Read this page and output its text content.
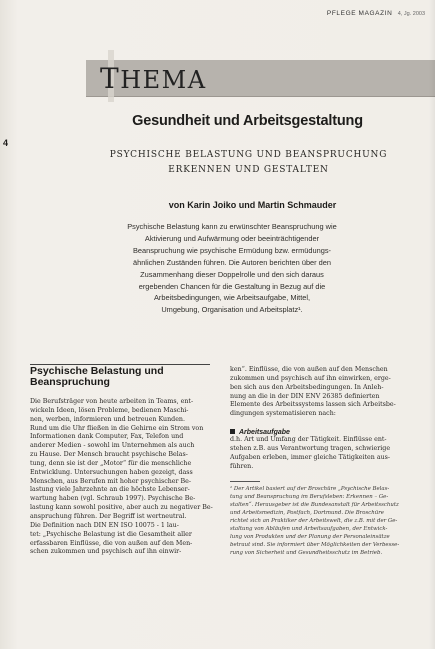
PFLEGE MAGAZIN 4, Jg. 2003
THEMA
4
Gesundheit und Arbeitsgestaltung
PSYCHISCHE BELASTUNG UND BEANSPRUCHUNG
ERKENNEN UND GESTALTEN
von Karin Joiko und Martin Schmauder
Psychische Belastung kann zu erwünschter Beanspruchung wie
Aktivierung und Aufwärmung oder beeinträchtigender
Beanspruchung wie psychische Ermüdung bzw. ermüdungs-
ähnlichen Zuständen führen. Die Autoren berichten über den
Zusammenhang dieser Doppelrolle und den sich daraus
ergebenden Chancen für die Gestaltung in Bezug auf die
Arbeitsbedingungen, wie Arbeitsaufgabe, Mittel,
Umgebung, Organisation und Arbeitsplatz¹.
Psychische Belastung und
Beanspruchung
Die Berufsträger von heute arbeiten in Teams, ent-
wickeln Ideen, lösen Probleme, bedienen Maschi-
nen, werben, informieren und betreuen Kunden.
Rund um die Uhr fließen in die Gehirne ein Strom von
Informationen dank Computer, Fax, Telefon und
anderer Medien - sowohl im Unternehmen als auch
zu Hause. Der Mensch braucht psychische Belas-
tung, denn sie ist der „Motor“ für die menschliche
Entwicklung. Untersuchungen haben gezeigt, dass
Menschen, aus Berufen mit hoher psychischer Be-
lastung viele Jahrzehnte an die höchste Lebenser-
wartung haben (vgl. Schraub 1997). Psychische Be-
lastung kann sowohl positive, aber auch zu negativer Be-
anspruchung führen. Der Begriff ist wertneutral.
Die Definition nach DIN EN ISO 10075 - 1 lau-
tet: „Psychische Belastung ist die Gesamtheit aller
erfassbaren Einflüsse, die von außen auf den Men-
schen zukommen und psychisch auf ihn einwir-
ken“. Einflüsse, die von außen auf den Menschen
zukommen und psychisch auf ihn einwirken, erge-
ben sich aus den Arbeitsbedingungen. In Anleh-
nung an die in der DIN ENV 26385 definierten
Elemente des Arbeitssystems lassen sich Arbeitsbe-
dingungen systematisieren nach:
Arbeitsaufgabe
d.h. Art und Umfang der Tätigkeit. Einflüsse ent-
stehen z.B. aus Verantwortung tragen, schwierige
Aufgaben erleben, immer gleiche Tätigkeiten aus-
führen.
¹ Der Artikel basiert auf der Broschüre „Psychische Belas-
tung und Beanspruchung im Berufsleben: Erkennen – Ge-
stalten“. Herausgeber ist die Bundesanstalt für Arbeitsschutz
und Arbeitsmedizin, Postfach, Dortmund. Die Broschüre
richtet sich an Praktiker der Arbeitswelt, die z.B. mit der Ge-
staltung von Abläufen und Arbeitsaufgaben, der Entwick-
lung von Produkten und der Planung der Personaleinsätze
betraut sind. Sie informiert über Möglichkeiten der Verbesse-
rung von Sicherheit und Gesundheitsschutz im Betrieb.
